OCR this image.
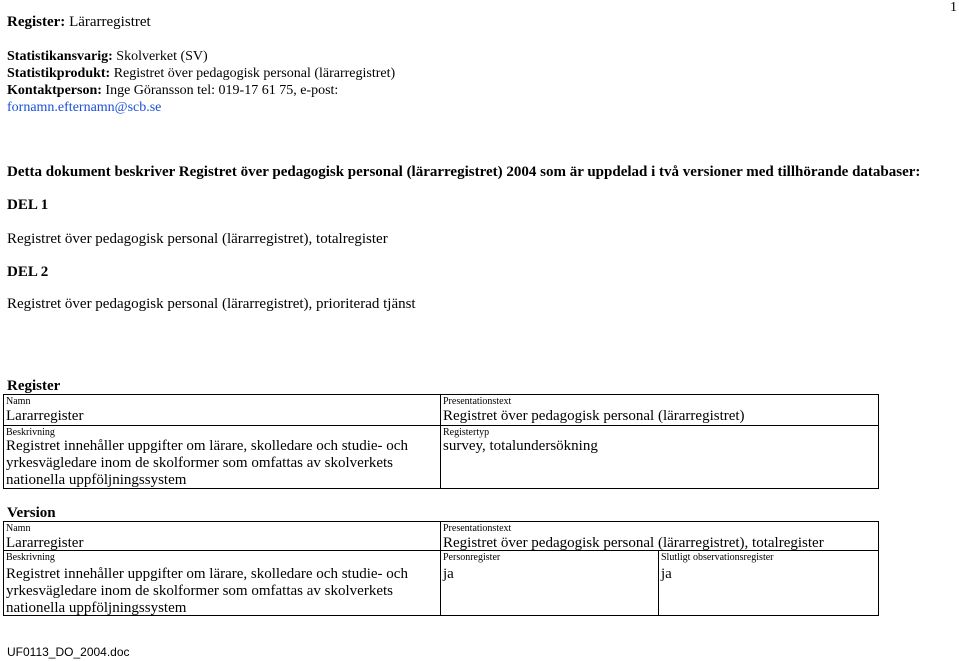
1
Register: Lärarregistret
Statistikansvarig: Skolverket (SV)
Statistikprodukt: Registret över pedagogisk personal (lärarregistret)
Kontaktperson: Inge Göransson tel: 019-17 61 75, e-post:
fornamn.efternamn@scb.se
Detta dokument beskriver Registret över pedagogisk personal (lärarregistret) 2004 som är uppdelad i två versioner med tillhörande databaser:
DEL 1
Registret över pedagogisk personal (lärarregistret), totalregister
DEL 2
Registret över pedagogisk personal (lärarregistret), prioriterad tjänst
Register
Namn
Lararregister
Presentationstext
Registret över pedagogisk personal (lärarregistret)
Beskrivning
Registret innehåller uppgifter om lärare, skolledare och studie- och yrkesvägledare inom de skolformer som omfattas av skolverkets nationella uppföljningssystem
Registertyp
survey, totalundersökning
Version
Namn
Lararregister
Presentationstext
Registret över pedagogisk personal (lärarregistret), totalregister
Beskrivning
Registret innehåller uppgifter om lärare, skolledare och studie- och yrkesvägledare inom de skolformer som omfattas av skolverkets nationella uppföljningssystem
Personregister
ja
Slutligt observationsregister
ja
UF0113_DO_2004.doc
